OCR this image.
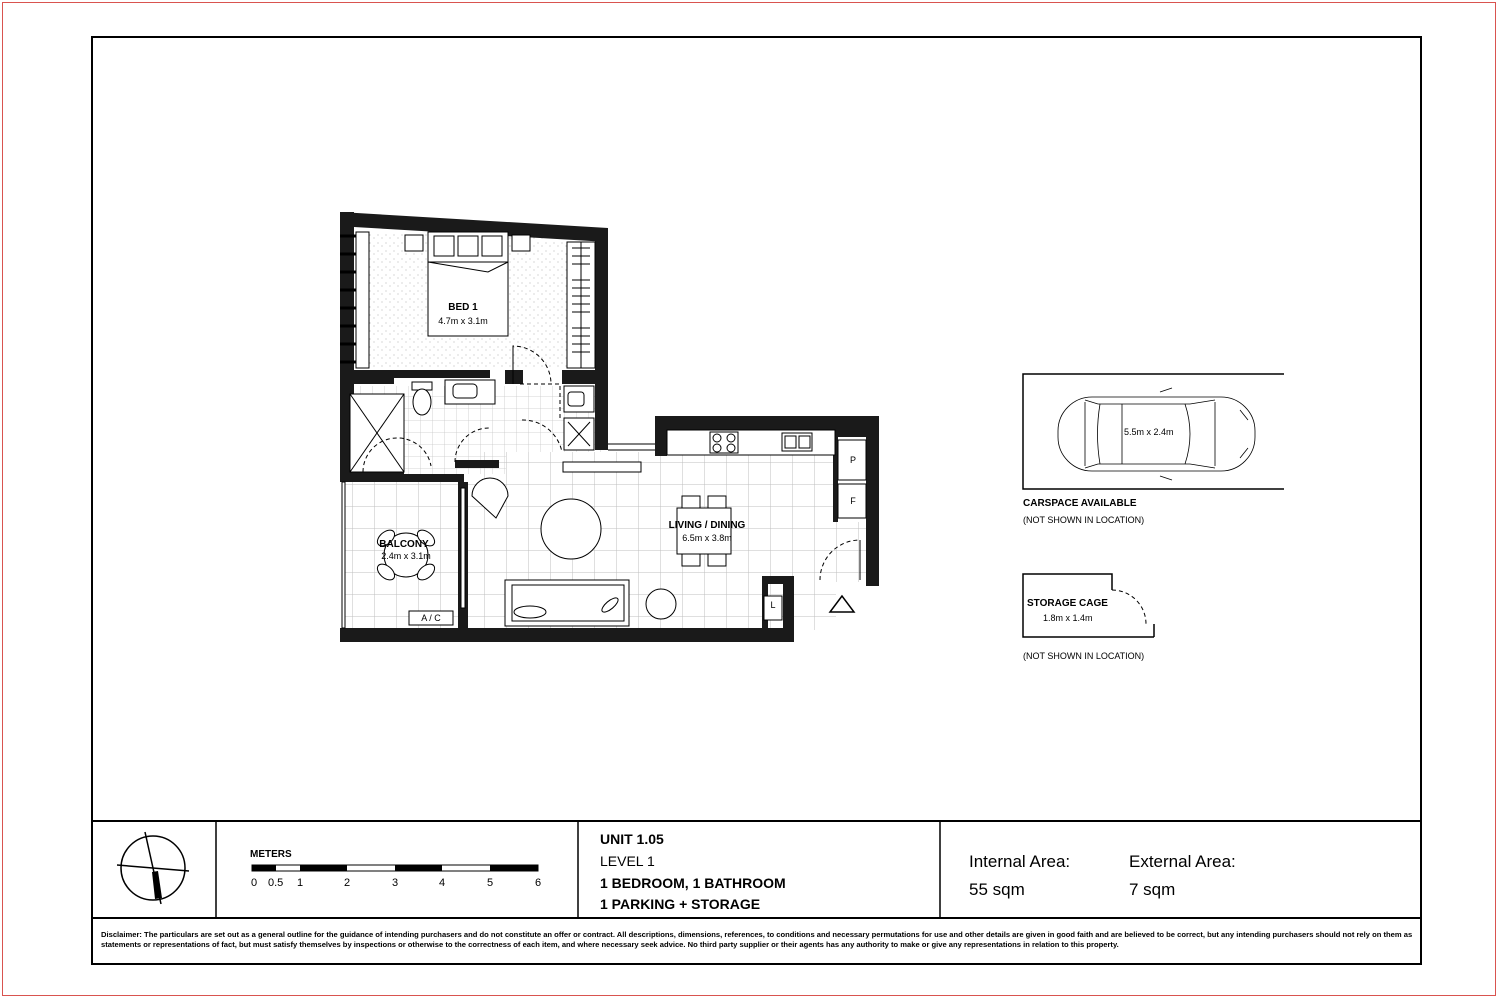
BED 1
4.7m x 3.1m
LIVING / DINING
6.5m x 3.8m
BALCONY
2.4m x 3.1m
A / C
P
F
L
5.5m x 2.4m
CARSPACE AVAILABLE
(NOT SHOWN IN LOCATION)
STORAGE CAGE
1.8m x 1.4m
(NOT SHOWN IN LOCATION)
METERS
0 0.5 1	2	3	4	5	6
UNIT 1.05
LEVEL 1
1 BEDROOM, 1 BATHROOM
1 PARKING + STORAGE
Internal Area:
55 sqm
External Area:
7 sqm
Disclaimer: The particulars are set out as a general outline for the guidance of intending purchasers and do not constitute an offer or contract. All descriptions, dimensions, references, to conditions and necessary permutations for use and other details are given in good faith and are believed to be correct, but any intending purchasers should not rely on them as statements or representations of fact, but must satisfy themselves by inspections or otherwise to the correctness of each item, and where necessary seek advice. No third party supplier or their agents has any authority to make or give any representations in relation to this property.
